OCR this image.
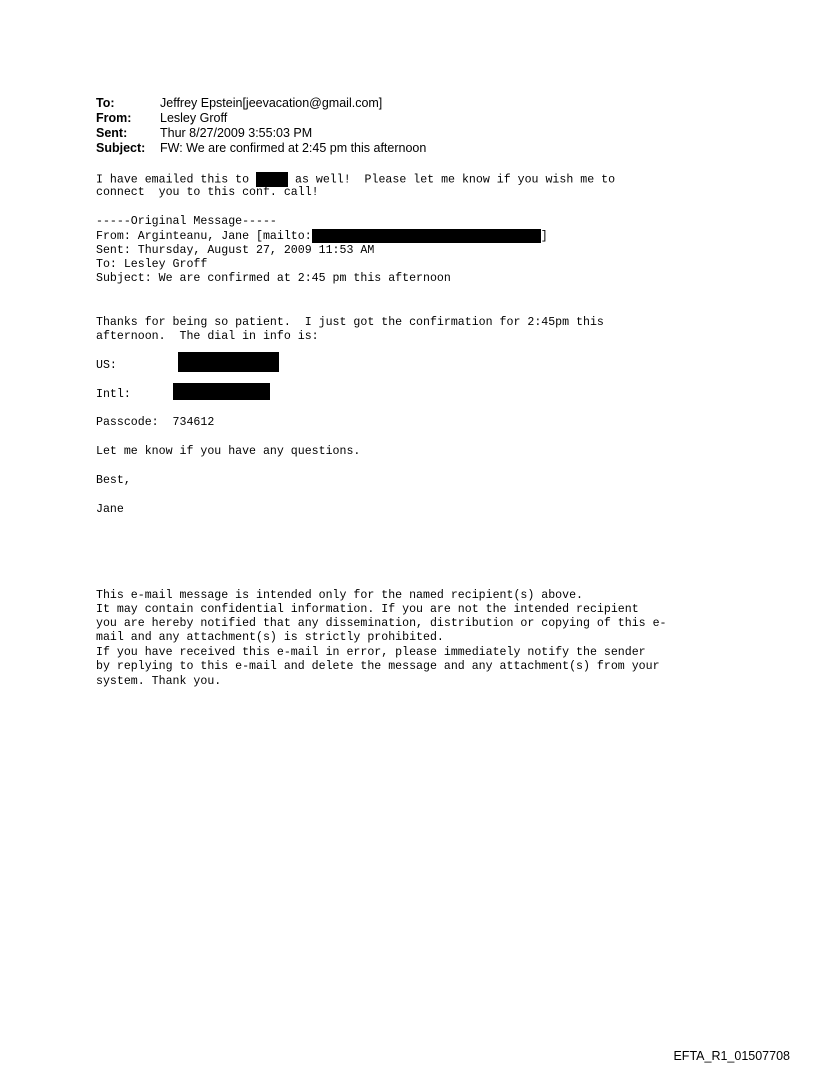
To:	Jeffrey Epstein[jeevacation@gmail.com]
From:	Lesley Groff
Sent:	Thur 8/27/2009 3:55:03 PM
Subject:	FW: We are confirmed at 2:45 pm this afternoon
I have emailed this to	as well!  Please let me know if you wish me to
connect  you to this conf. call!
-----Original Message-----
From: Arginteanu, Jane [mailto:	]
Sent: Thursday, August 27, 2009 11:53 AM
To: Lesley Groff
Subject: We are confirmed at 2:45 pm this afternoon
Thanks for being so patient.  I just got the confirmation for 2:45pm this
afternoon.  The dial in info is:
US:
Intl:
Passcode:  734612
Let me know if you have any questions.
Best,
Jane
This e-mail message is intended only for the named recipient(s) above.
It may contain confidential information. If you are not the intended recipient
you are hereby notified that any dissemination, distribution or copying of this e-
mail and any attachment(s) is strictly prohibited.
If you have received this e-mail in error, please immediately notify the sender
by replying to this e-mail and delete the message and any attachment(s) from your
system. Thank you.
EFTA_R1_01507708
